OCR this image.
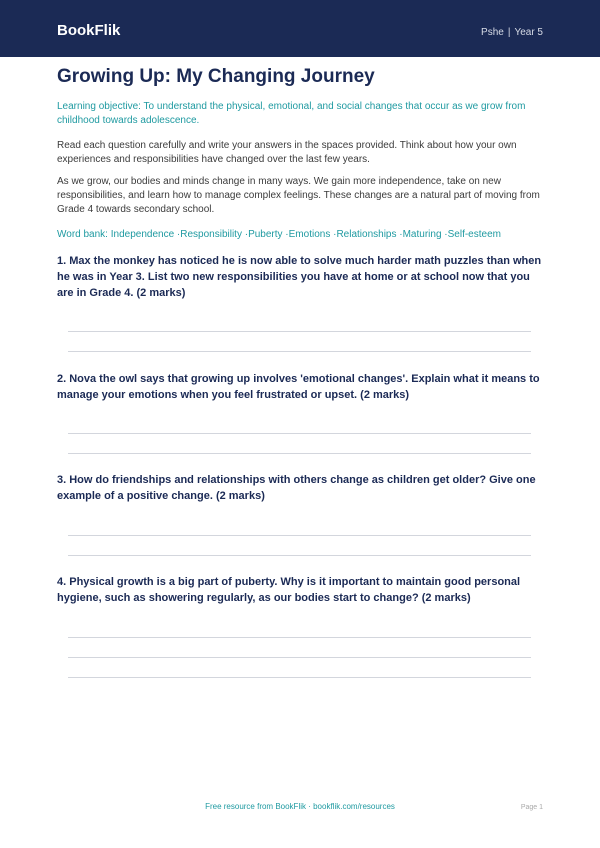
BookFlik	Pshe | Year 5
Growing Up: My Changing Journey

Learning objective: To understand the physical, emotional, and social changes that occur as we grow from childhood towards adolescence.

Read each question carefully and write your answers in the spaces provided. Think about how your own experiences and responsibilities have changed over the last few years.

As we grow, our bodies and minds change in many ways. We gain more independence, take on new responsibilities, and learn how to manage complex feelings. These changes are a natural part of moving from Grade 4 towards secondary school.

Word bank: Independence · Responsibility · Puberty · Emotions · Relationships · Maturing · Self-esteem

1. Max the monkey has noticed he is now able to solve much harder math puzzles than when he was in Year 3. List two new responsibilities you have at home or at school now that you are in Grade 4. (2 marks)

2. Nova the owl says that growing up involves 'emotional changes'. Explain what it means to manage your emotions when you feel frustrated or upset. (2 marks)

3. How do friendships and relationships with others change as children get older? Give one example of a positive change. (2 marks)

4. Physical growth is a big part of puberty. Why is it important to maintain good personal hygiene, such as showering regularly, as our bodies start to change? (2 marks)

Free resource from BookFlik · bookflik.com/resources	Page 1
